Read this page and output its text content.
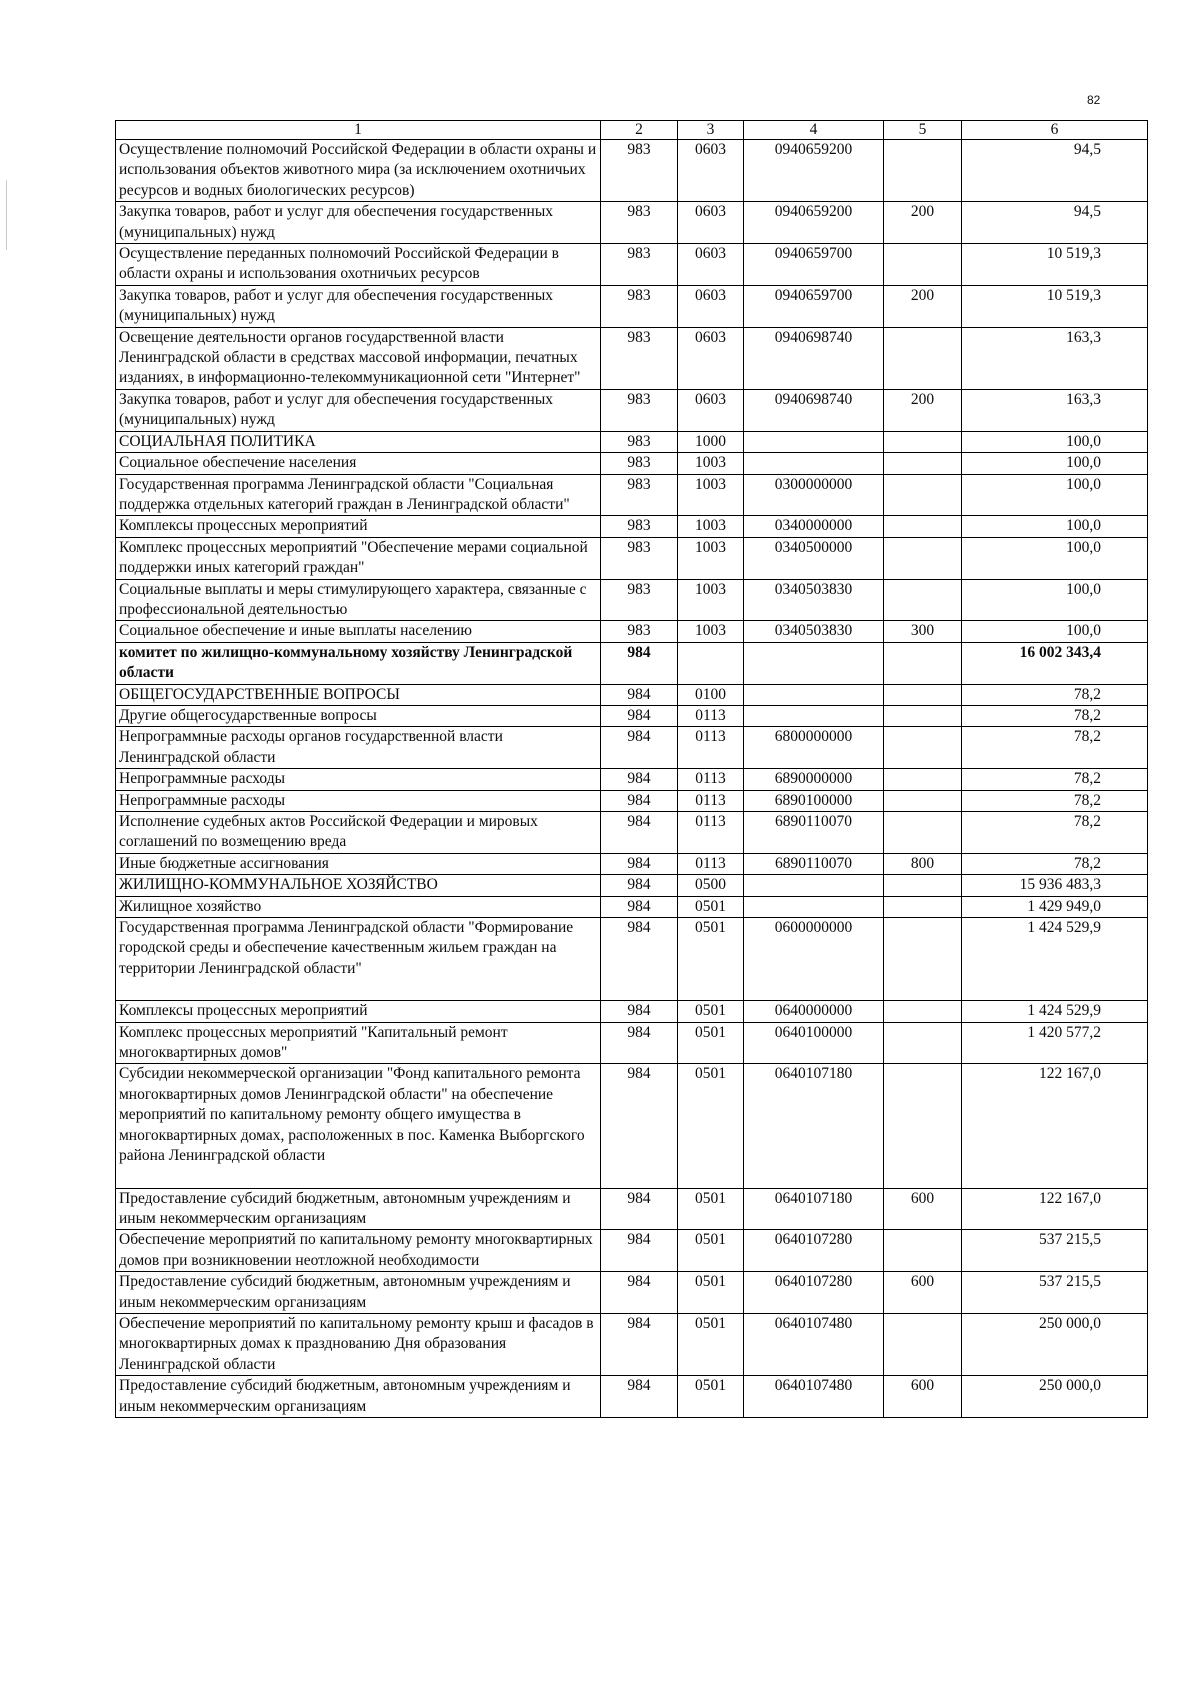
82
1	2	3	4	5	6
Осуществление полномочий Российской Федерации в области охраны и использования объектов животного мира (за исключением охотничьих ресурсов и водных биологических ресурсов)	983	0603	0940659200		94,5
Закупка товаров, работ и услуг для обеспечения государственных (муниципальных) нужд	983	0603	0940659200	200	94,5
Осуществление переданных полномочий Российской Федерации в области охраны и использования охотничьих ресурсов	983	0603	0940659700		10 519,3
Закупка товаров, работ и услуг для обеспечения государственных (муниципальных) нужд	983	0603	0940659700	200	10 519,3
Освещение деятельности органов государственной власти Ленинградской области в средствах массовой информации, печатных изданиях, в информационно-телекоммуникационной сети "Интернет"	983	0603	0940698740		163,3
Закупка товаров, работ и услуг для обеспечения государственных (муниципальных) нужд	983	0603	0940698740	200	163,3
СОЦИАЛЬНАЯ ПОЛИТИКА	983	1000			100,0
Социальное обеспечение населения	983	1003			100,0
Государственная программа Ленинградской области "Социальная поддержка отдельных категорий граждан в Ленинградской области"	983	1003	0300000000		100,0
Комплексы процессных мероприятий	983	1003	0340000000		100,0
Комплекс процессных мероприятий "Обеспечение мерами социальной поддержки иных категорий граждан"	983	1003	0340500000		100,0
Социальные выплаты и меры стимулирующего характера, связанные с профессиональной деятельностью	983	1003	0340503830		100,0
Социальное обеспечение и иные выплаты населению	983	1003	0340503830	300	100,0
комитет по жилищно-коммунальному хозяйству Ленинградской области	984				16 002 343,4
ОБЩЕГОСУДАРСТВЕННЫЕ ВОПРОСЫ	984	0100			78,2
Другие общегосударственные вопросы	984	0113			78,2
Непрограммные расходы органов государственной власти Ленинградской области	984	0113	6800000000		78,2
Непрограммные расходы	984	0113	6890000000		78,2
Непрограммные расходы	984	0113	6890100000		78,2
Исполнение судебных актов Российской Федерации и мировых соглашений по возмещению вреда	984	0113	6890110070		78,2
Иные бюджетные ассигнования	984	0113	6890110070	800	78,2
ЖИЛИЩНО-КОММУНАЛЬНОЕ ХОЗЯЙСТВО	984	0500			15 936 483,3
Жилищное хозяйство	984	0501			1 429 949,0
Государственная программа Ленинградской области "Формирование городской среды и обеспечение качественным жильем граждан на территории Ленинградской области"	984	0501	0600000000		1 424 529,9
Комплексы процессных мероприятий	984	0501	0640000000		1 424 529,9
Комплекс процессных мероприятий "Капитальный ремонт многоквартирных домов"	984	0501	0640100000		1 420 577,2
Субсидии некоммерческой организации "Фонд капитального ремонта многоквартирных домов Ленинградской области" на обеспечение мероприятий по капитальному ремонту общего имущества в многоквартирных домах, расположенных в пос. Каменка Выборгского района Ленинградской области	984	0501	0640107180		122 167,0
Предоставление субсидий бюджетным, автономным учреждениям и иным некоммерческим организациям	984	0501	0640107180	600	122 167,0
Обеспечение мероприятий по капитальному ремонту многоквартирных домов при возникновении неотложной необходимости	984	0501	0640107280		537 215,5
Предоставление субсидий бюджетным, автономным учреждениям и иным некоммерческим организациям	984	0501	0640107280	600	537 215,5
Обеспечение мероприятий по капитальному ремонту крыш и фасадов в многоквартирных домах к празднованию Дня образования Ленинградской области	984	0501	0640107480		250 000,0
Предоставление субсидий бюджетным, автономным учреждениям и иным некоммерческим организациям	984	0501	0640107480	600	250 000,0
